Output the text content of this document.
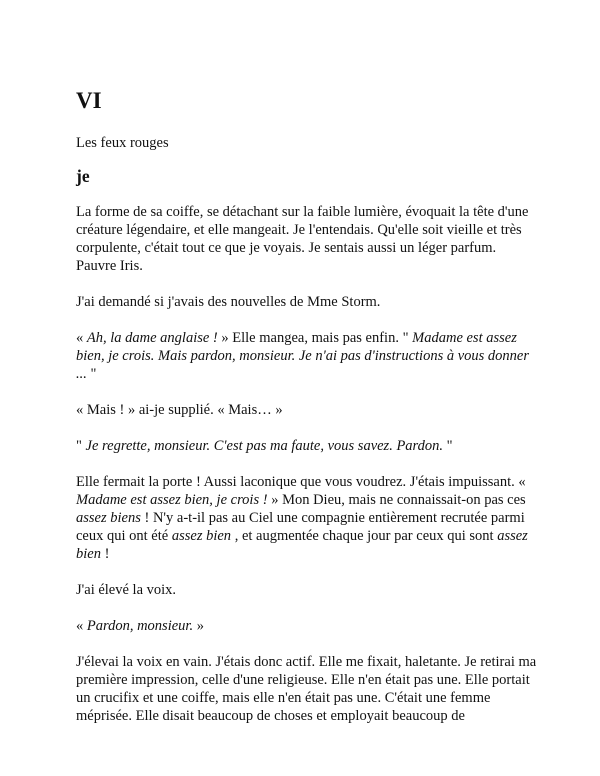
VI
Les feux rouges
je

La forme de sa coiffe, se détachant sur la faible lumière, évoquait la tête d'une créature légendaire, et elle mangeait. Je l'entendais. Qu'elle soit vieille et très corpulente, c'était tout ce que je voyais. Je sentais aussi un léger parfum. Pauvre Iris.

J'ai demandé si j'avais des nouvelles de Mme Storm.

« Ah, la dame anglaise ! » Elle mangea, mais pas enfin. " Madame est assez bien, je crois. Mais pardon, monsieur. Je n'ai pas d'instructions à vous donner ... "

« Mais ! » ai-je supplié. « Mais… »

" Je regrette, monsieur. C'est pas ma faute, vous savez. Pardon. "

Elle fermait la porte ! Aussi laconique que vous voudrez. J'étais impuissant. « Madame est assez bien, je crois ! » Mon Dieu, mais ne connaissait-on pas ces assez biens ! N'y a-t-il pas au Ciel une compagnie entièrement recrutée parmi ceux qui ont été assez bien , et augmentée chaque jour par ceux qui sont assez bien !

J'ai élevé la voix.

« Pardon, monsieur. »

J'élevai la voix en vain. J'étais donc actif. Elle me fixait, haletante. Je retirai ma première impression, celle d'une religieuse. Elle n'en était pas une. Elle portait un crucifix et une coiffe, mais elle n'en était pas une. C'était une femme méprisée. Elle disait beaucoup de choses et employait beaucoup de
